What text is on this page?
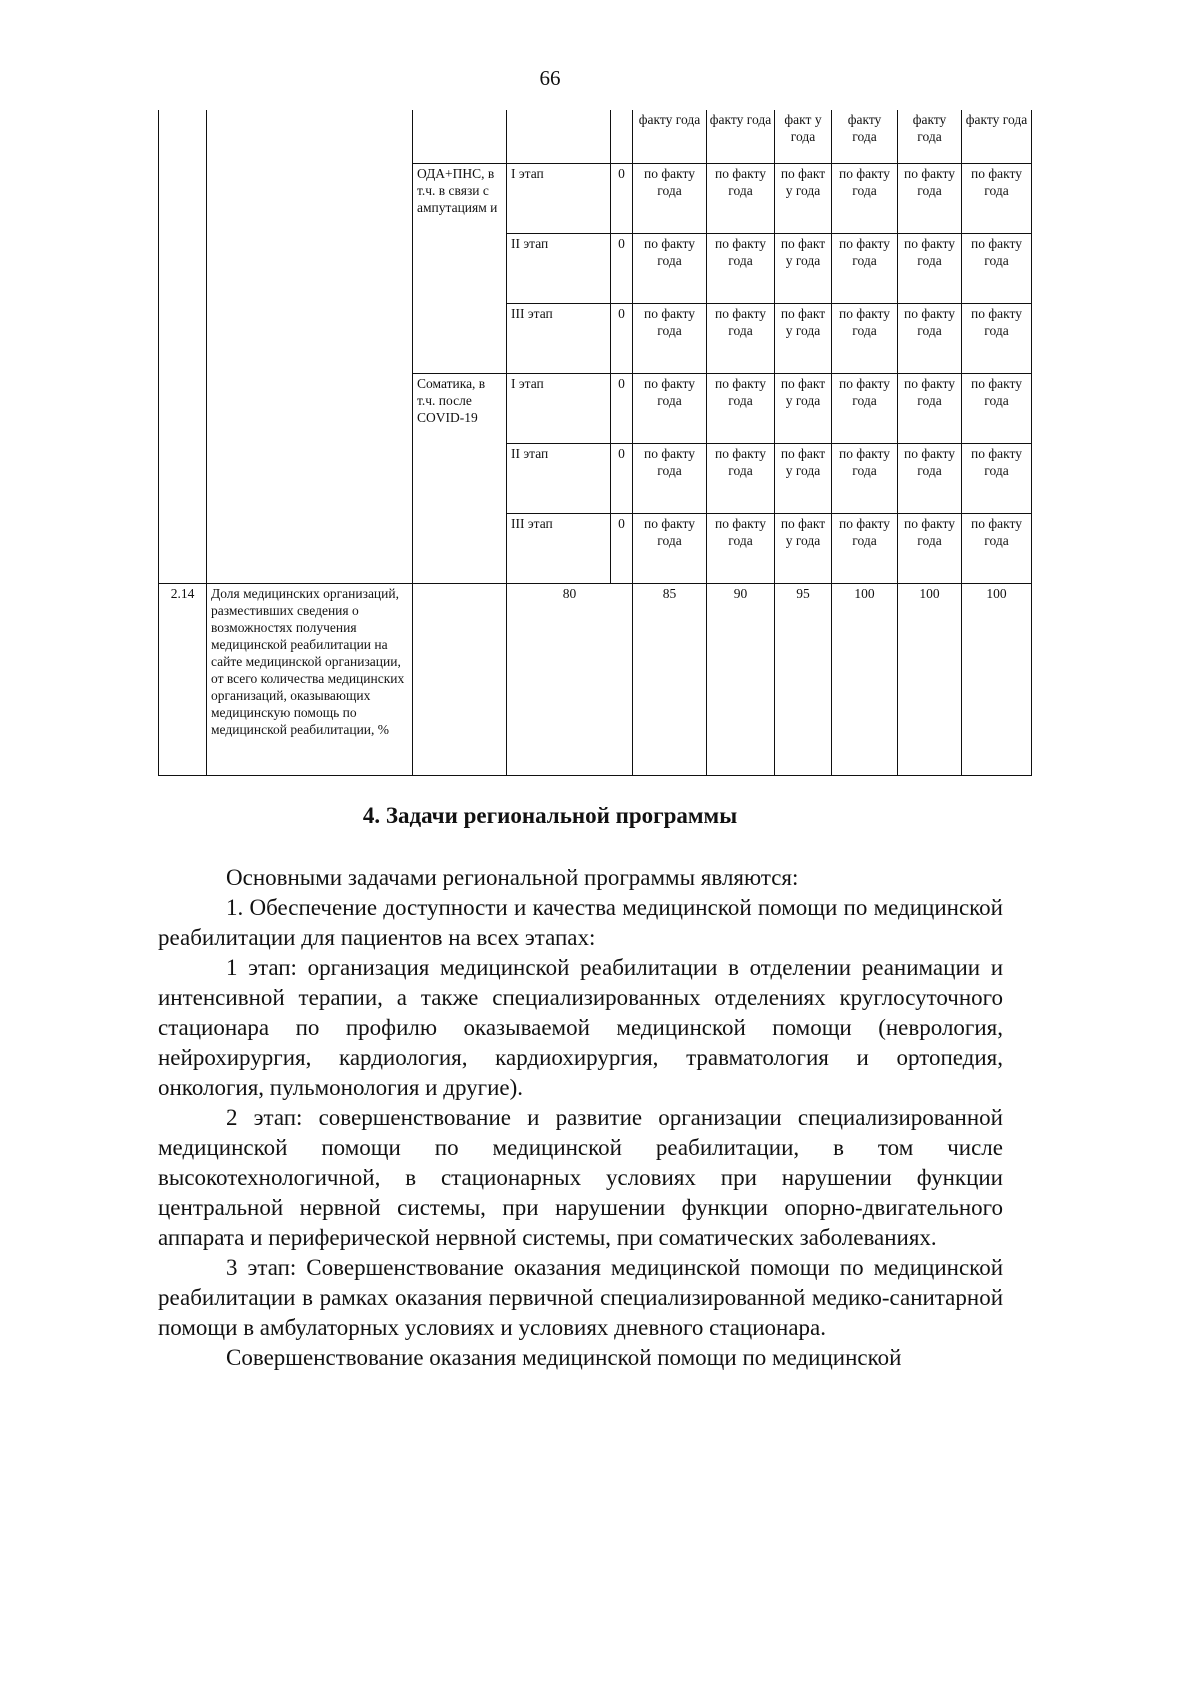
66
					факту года	факту года	факт у года	факту года	факту года	факту года
		ОДА+ПНС, в т.ч. в связи с ампутациям и	I этап	0	по факту года	по факту года	по факт у года	по факту года	по факту года	по факту года
			II этап	0	по факту года	по факту года	по факт у года	по факту года	по факту года	по факту года
			III этап	0	по факту года	по факту года	по факт у года	по факту года	по факту года	по факту года
		Соматика, в т.ч. после COVID-19	I этап	0	по факту года	по факту года	по факт у года	по факту года	по факту года	по факту года
			II этап	0	по факту года	по факту года	по факт у года	по факту года	по факту года	по факту года
			III этап	0	по факту года	по факту года	по факт у года	по факту года	по факту года	по факту года
2.14	Доля медицинских организаций, разместивших сведения о возможностях получения медицинской реабилитации на сайте медицинской организации, от всего количества медицинских организаций, оказывающих медицинскую помощь по медицинской реабилитации, %		80		85	90	95	100	100	100
4. Задачи региональной программы

Основными задачами региональной программы являются:

1. Обеспечение доступности и качества медицинской помощи по медицинской реабилитации для пациентов на всех этапах:

1 этап: организация медицинской реабилитации в отделении реанимации и интенсивной терапии, а также специализированных отделениях круглосуточного стационара по профилю оказываемой медицинской помощи (неврология, нейрохирургия, кардиология, кардиохирургия, травматология и ортопедия, онкология, пульмонология и другие).

2 этап: совершенствование и развитие организации специализированной медицинской помощи по медицинской реабилитации, в том числе высокотехнологичной, в стационарных условиях при нарушении функции центральной нервной системы, при нарушении функции опорно-двигательного аппарата и периферической нервной системы, при соматических заболеваниях.

3 этап: Совершенствование оказания медицинской помощи по медицинской реабилитации в рамках оказания первичной специализированной медико-санитарной помощи в амбулаторных условиях и условиях дневного стационара.

Совершенствование оказания медицинской помощи по медицинской
